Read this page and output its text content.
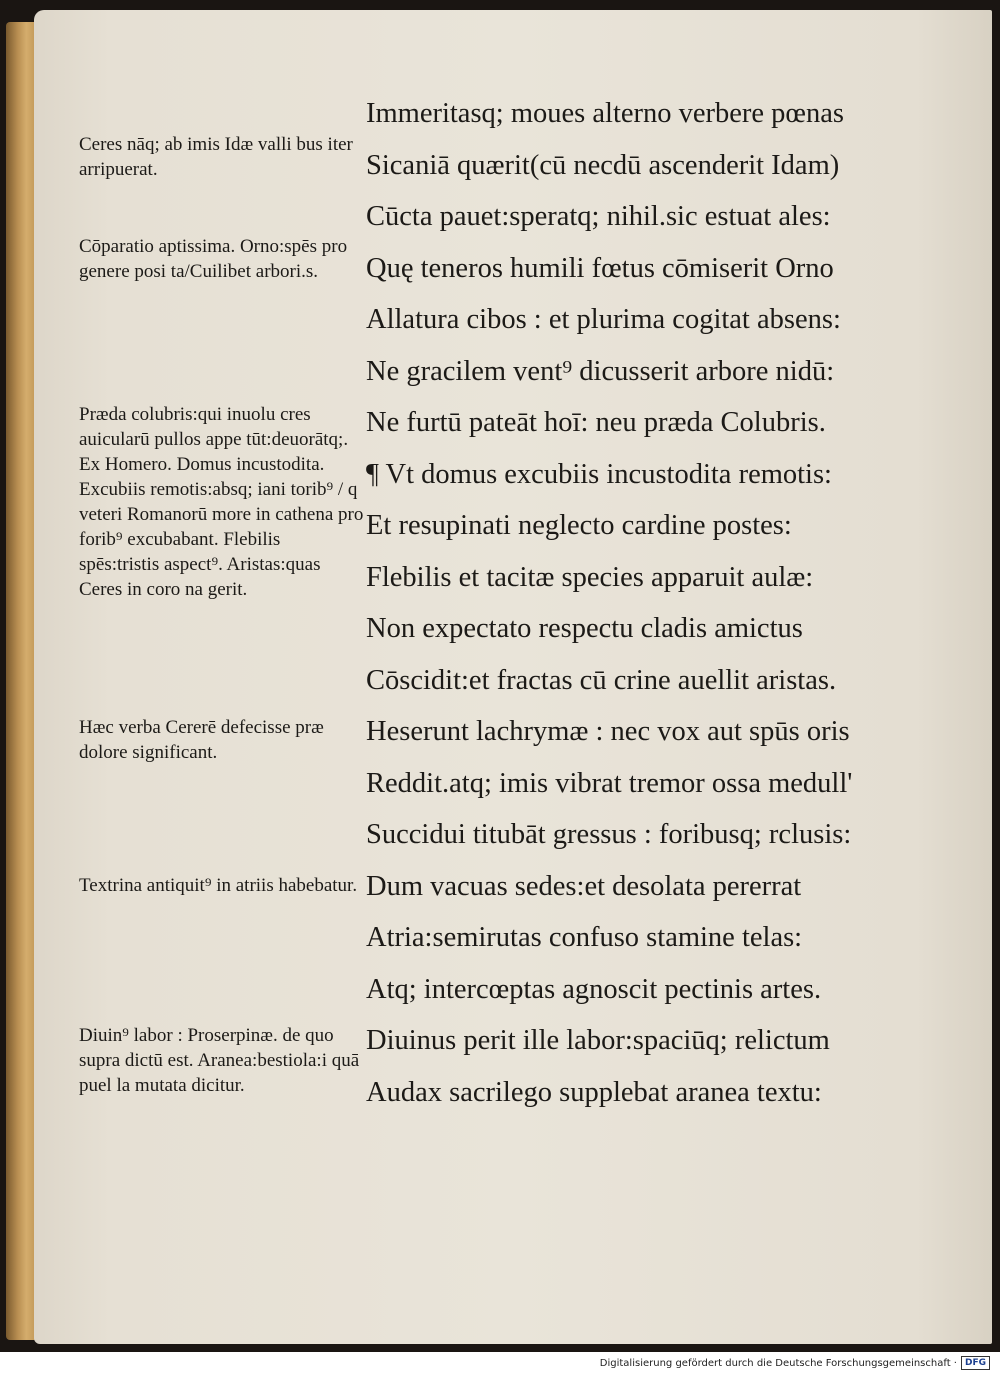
Ceres nāq; ab imis Idæ valli bus iter arripuerat.

Cōparatio aptissima. Orno:spēs pro genere posi ta/Cuilibet arbori.s.

Præda colubris:qui inuolu cres auicularū pullos appe tūt:deuorātq;. Ex Homero. Domus incustodita. Excubiis remotis:absq; iani torib⁹ / q veteri Romanorū more in cathena pro forib⁹ excubabant. Flebilis spēs:tristis aspect⁹. Aristas:quas Ceres in coro na gerit.

Hæc verba Cererē defecisse præ dolore significant.

Textrina antiquit⁹ in atriis habebatur.

Diuin⁹ labor : Proserpinæ. de quo supra dictū est. Aranea:bestiola:i quā puel la mutata dicitur.

Immeritasq; moues alterno verbere pœnas
Sicaniā quærit(cū necdū ascenderit Idam)
Cūcta pauet:speratq; nihil.sic estuat ales:
Quę teneros humili fœtus cōmiserit Orno
Allatura cibos : et plurima cogitat absens:
Ne gracilem vent⁹ dicusserit arbore nidū:
Ne furtū pateāt hoī: neu præda Colubris.
¶ Vt domus excubiis incustodita remotis:
Et resupinati neglecto cardine postes:
Flebilis et tacitæ species apparuit aulæ:
Non expectato respectu cladis amictus
Cōscidit:et fractas cū crine auellit aristas.
Heserunt lachrymæ : nec vox aut spūs oris
Reddit.atq; imis vibrat tremor ossa medull'
Succidui titubāt gressus : foribusq; rclusis:
Dum vacuas sedes:et desolata pererrat
Atria:semirutas confuso stamine telas:
Atq; intercœptas agnoscit pectinis artes.
Diuinus perit ille labor:spaciūq; relictum
Audax sacrilego supplebat aranea textu:
Digitalisierung gefördert durch die Deutsche Forschungsgemeinschaft · DFG
